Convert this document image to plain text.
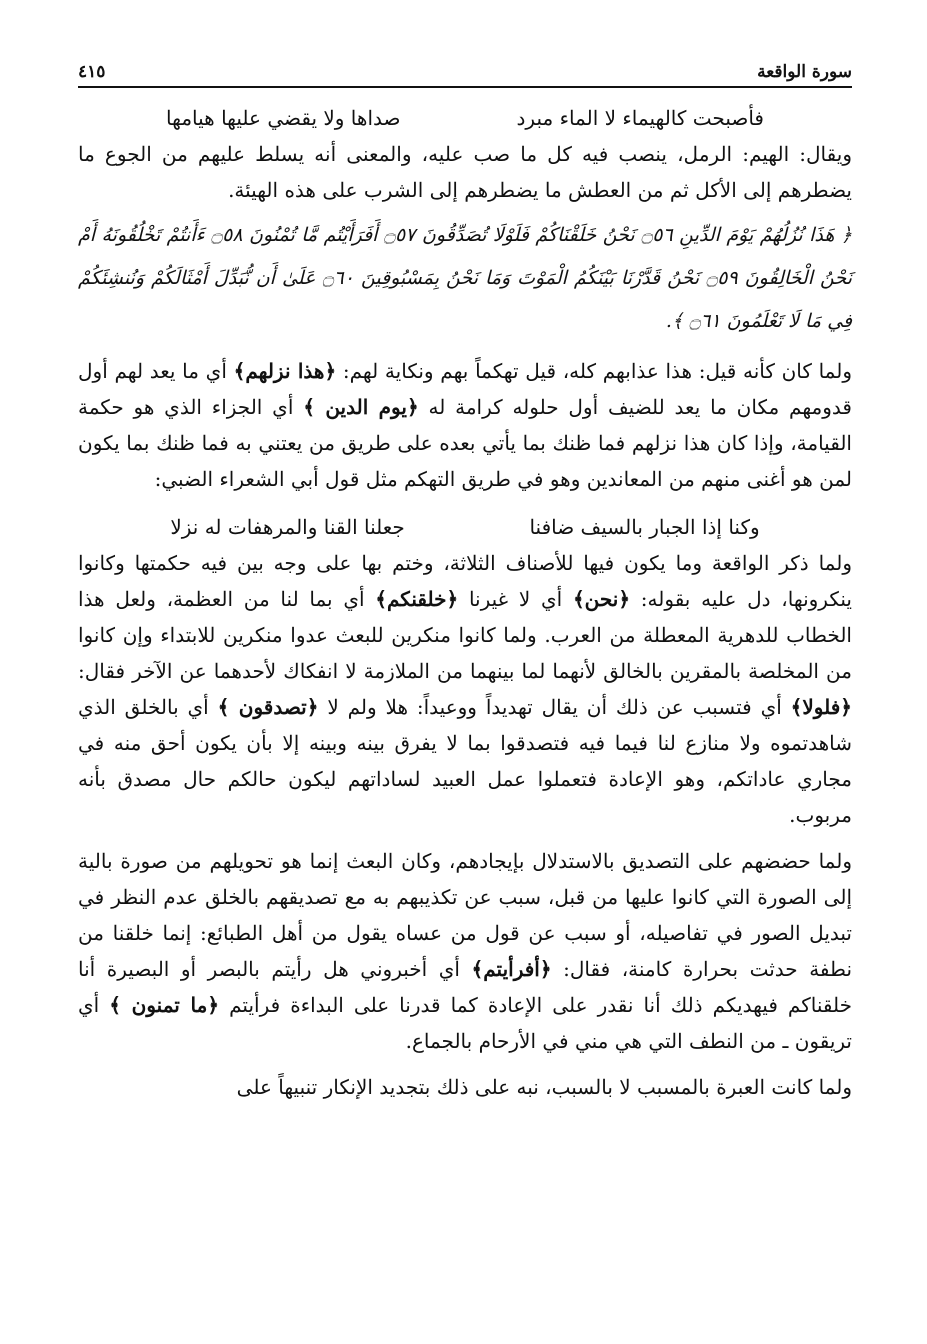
سورة الواقعة
٤١٥
فأصبحت كالهيماء لا الماء مبرد
صداها ولا يقضي عليها هيامها

ويقال: الهيم: الرمل، ينصب فيه كل ما صب عليه، والمعنى أنه يسلط عليهم من الجوع ما يضطرهم إلى الأكل ثم من العطش ما يضطرهم إلى الشرب على هذه الهيئة.

﴿ هَذَا نُزُلُهُمْ يَوْمَ الدِّينِ ۝٥٦ نَحْنُ خَلَقْنَاكُمْ فَلَوْلَا تُصَدِّقُونَ ۝٥٧ أَفَرَأَيْتُم مَّا تُمْنُونَ ۝٥٨ ءَأَنتُمْ تَخْلُقُونَهُ أَمْ نَحْنُ الْخَالِقُونَ ۝٥٩ نَحْنُ قَدَّرْنَا بَيْنَكُمُ الْمَوْتَ وَمَا نَحْنُ بِمَسْبُوقِينَ ۝٦٠ عَلَىٰ أَن نُّبَدِّلَ أَمْثَالَكُمْ وَنُنشِئَكُمْ فِي مَا لَا تَعْلَمُونَ ۝٦١ ﴾.

ولما كان كأنه قيل: هذا عذابهم كله، قيل تهكماً بهم ونكاية لهم: ﴿هذا نزلهم﴾ أي ما يعد لهم أول قدومهم مكان ما يعد للضيف أول حلوله كرامة له ﴿يوم الدين ﴾ أي الجزاء الذي هو حكمة القيامة، وإذا كان هذا نزلهم فما ظنك بما يأتي بعده على طريق من يعتني به فما ظنك بما يكون لمن هو أغنى منهم من المعاندين وهو في طريق التهكم مثل قول أبي الشعراء الضبي:

وكنا إذا الجبار بالسيف ضافنا
جعلنا القنا والمرهفات له نزلا

ولما ذكر الواقعة وما يكون فيها للأصناف الثلاثة، وختم بها على وجه بين فيه حكمتها وكانوا ينكرونها، دل عليه بقوله: ﴿نحن﴾ أي لا غيرنا ﴿خلقنكم﴾ أي بما لنا من العظمة، ولعل هذا الخطاب للدهرية المعطلة من العرب. ولما كانوا منكرين للبعث عدوا منكرين للابتداء وإن كانوا من المخلصة بالمقرين بالخالق لأنهما لما بينهما من الملازمة لا انفكاك لأحدهما عن الآخر فقال: ﴿فلولا﴾ أي فتسبب عن ذلك أن يقال تهديداً ووعيداً: هلا ولم لا ﴿تصدقون ﴾ أي بالخلق الذي شاهدتموه ولا منازع لنا فيما فيه فتصدقوا بما لا يفرق بينه وبينه إلا بأن يكون أحق منه في مجاري عاداتكم، وهو الإعادة فتعملوا عمل العبيد لساداتهم ليكون حالكم حال مصدق بأنه مربوب.

ولما حضضهم على التصديق بالاستدلال بإيجادهم، وكان البعث إنما هو تحويلهم من صورة بالية إلى الصورة التي كانوا عليها من قبل، سبب عن تكذيبهم به مع تصديقهم بالخلق عدم النظر في تبديل الصور في تفاصيله، أو سبب عن قول من عساه يقول من أهل الطبائع: إنما خلقنا من نطفة حدثت بحرارة كامنة، فقال: ﴿أفرأيتم﴾ أي أخبروني هل رأيتم بالبصر أو البصيرة أنا خلقناكم فيهديكم ذلك أنا نقدر على الإعادة كما قدرنا على البداءة فرأيتم ﴿ما تمنون ﴾ أي تريقون ـ من النطف التي هي مني في الأرحام بالجماع.

ولما كانت العبرة بالمسبب لا بالسبب، نبه على ذلك بتجديد الإنكار تنبيهاً على
